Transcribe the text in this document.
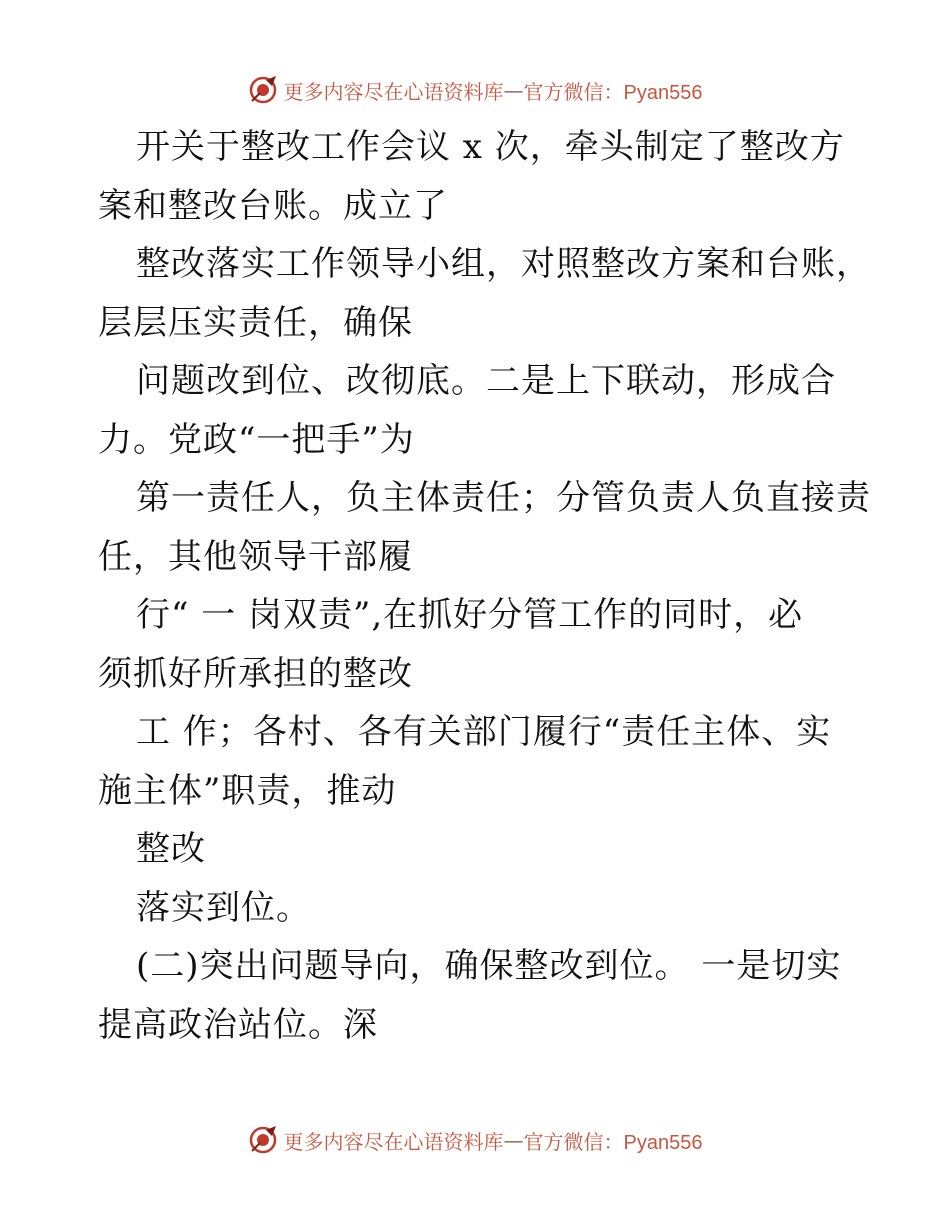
更多内容尽在心语资料库 — 官方微信：Pyan556
开关于整改工作会议 x 次，牵头制定了整改方
案和整改台账。成立了
整改落实工作领导小组，对照整改方案和台账，
层层压实责任，确保
问题改到位、改彻底。二是上下联动，形成合
力。党政“一把手”为
第一责任人，负主体责任；分管负责人负直接责
任，其他领导干部履
行“ 一 岗双责”,在抓好分管工作的同时，必
须抓好所承担的整改
工 作；各村、各有关部门履行“责任主体、实
施主体”职责，推动
整改
落实到位。
(二)突出问题导向，确保整改到位。 一是切实
提高政治站位。深
更多内容尽在心语资料库 — 官方微信：Pyan556
